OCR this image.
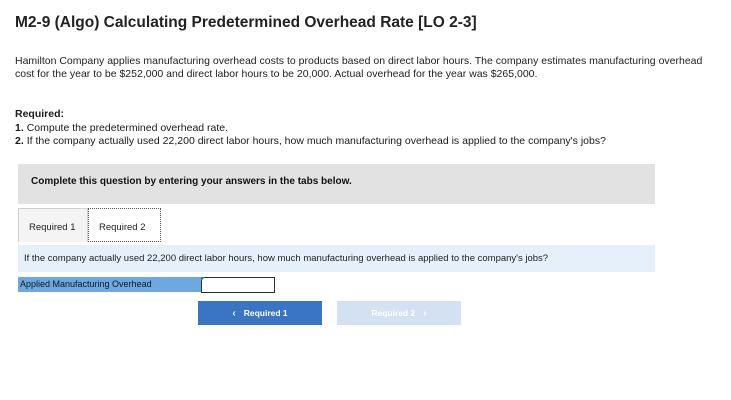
M2-9 (Algo) Calculating Predetermined Overhead Rate [LO 2-3]
Hamilton Company applies manufacturing overhead costs to products based on direct labor hours. The company estimates manufacturing overhead cost for the year to be $252,000 and direct labor hours to be 20,000. Actual overhead for the year was $265,000.
Required:
1. Compute the predetermined overhead rate.
2. If the company actually used 22,200 direct labor hours, how much manufacturing overhead is applied to the company's jobs?
Complete this question by entering your answers in the tabs below.
Required 1 Required 2
If the company actually used 22,200 direct labor hours, how much manufacturing overhead is applied to the company's jobs?
Applied Manufacturing Overhead
‹ Required 1	Required 2 ›
